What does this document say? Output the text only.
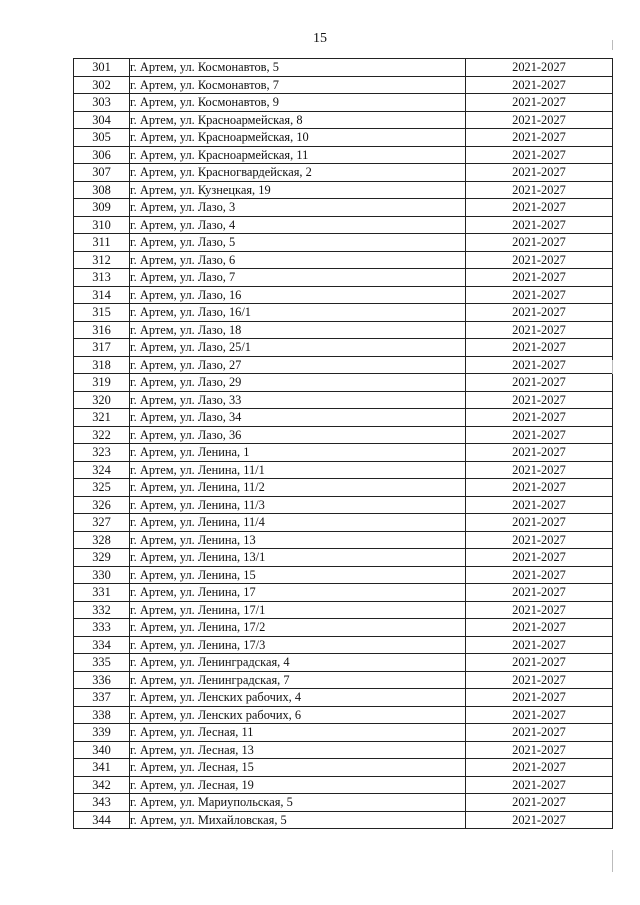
15
301	г. Артем, ул. Космонавтов, 5	2021-2027
302	г. Артем, ул. Космонавтов, 7	2021-2027
303	г. Артем, ул. Космонавтов, 9	2021-2027
304	г. Артем, ул. Красноармейская, 8	2021-2027
305	г. Артем, ул. Красноармейская, 10	2021-2027
306	г. Артем, ул. Красноармейская, 11	2021-2027
307	г. Артем, ул. Красногвардейская, 2	2021-2027
308	г. Артем, ул. Кузнецкая, 19	2021-2027
309	г. Артем, ул. Лазо, 3	2021-2027
310	г. Артем, ул. Лазо, 4	2021-2027
311	г. Артем, ул. Лазо, 5	2021-2027
312	г. Артем, ул. Лазо, 6	2021-2027
313	г. Артем, ул. Лазо, 7	2021-2027
314	г. Артем, ул. Лазо, 16	2021-2027
315	г. Артем, ул. Лазо, 16/1	2021-2027
316	г. Артем, ул. Лазо, 18	2021-2027
317	г. Артем, ул. Лазо, 25/1	2021-2027
318	г. Артем, ул. Лазо, 27	2021-2027
319	г. Артем, ул. Лазо, 29	2021-2027
320	г. Артем, ул. Лазо, 33	2021-2027
321	г. Артем, ул. Лазо, 34	2021-2027
322	г. Артем, ул. Лазо, 36	2021-2027
323	г. Артем, ул. Ленина, 1	2021-2027
324	г. Артем, ул. Ленина, 11/1	2021-2027
325	г. Артем, ул. Ленина, 11/2	2021-2027
326	г. Артем, ул. Ленина, 11/3	2021-2027
327	г. Артем, ул. Ленина, 11/4	2021-2027
328	г. Артем, ул. Ленина, 13	2021-2027
329	г. Артем, ул. Ленина, 13/1	2021-2027
330	г. Артем, ул. Ленина, 15	2021-2027
331	г. Артем, ул. Ленина, 17	2021-2027
332	г. Артем, ул. Ленина, 17/1	2021-2027
333	г. Артем, ул. Ленина, 17/2	2021-2027
334	г. Артем, ул. Ленина, 17/3	2021-2027
335	г. Артем, ул. Ленинградская, 4	2021-2027
336	г. Артем, ул. Ленинградская, 7	2021-2027
337	г. Артем, ул. Ленских рабочих, 4	2021-2027
338	г. Артем, ул. Ленских рабочих, 6	2021-2027
339	г. Артем, ул. Лесная, 11	2021-2027
340	г. Артем, ул. Лесная, 13	2021-2027
341	г. Артем, ул. Лесная, 15	2021-2027
342	г. Артем, ул. Лесная, 19	2021-2027
343	г. Артем, ул. Мариупольская, 5	2021-2027
344	г. Артем, ул. Михайловская, 5	2021-2027
